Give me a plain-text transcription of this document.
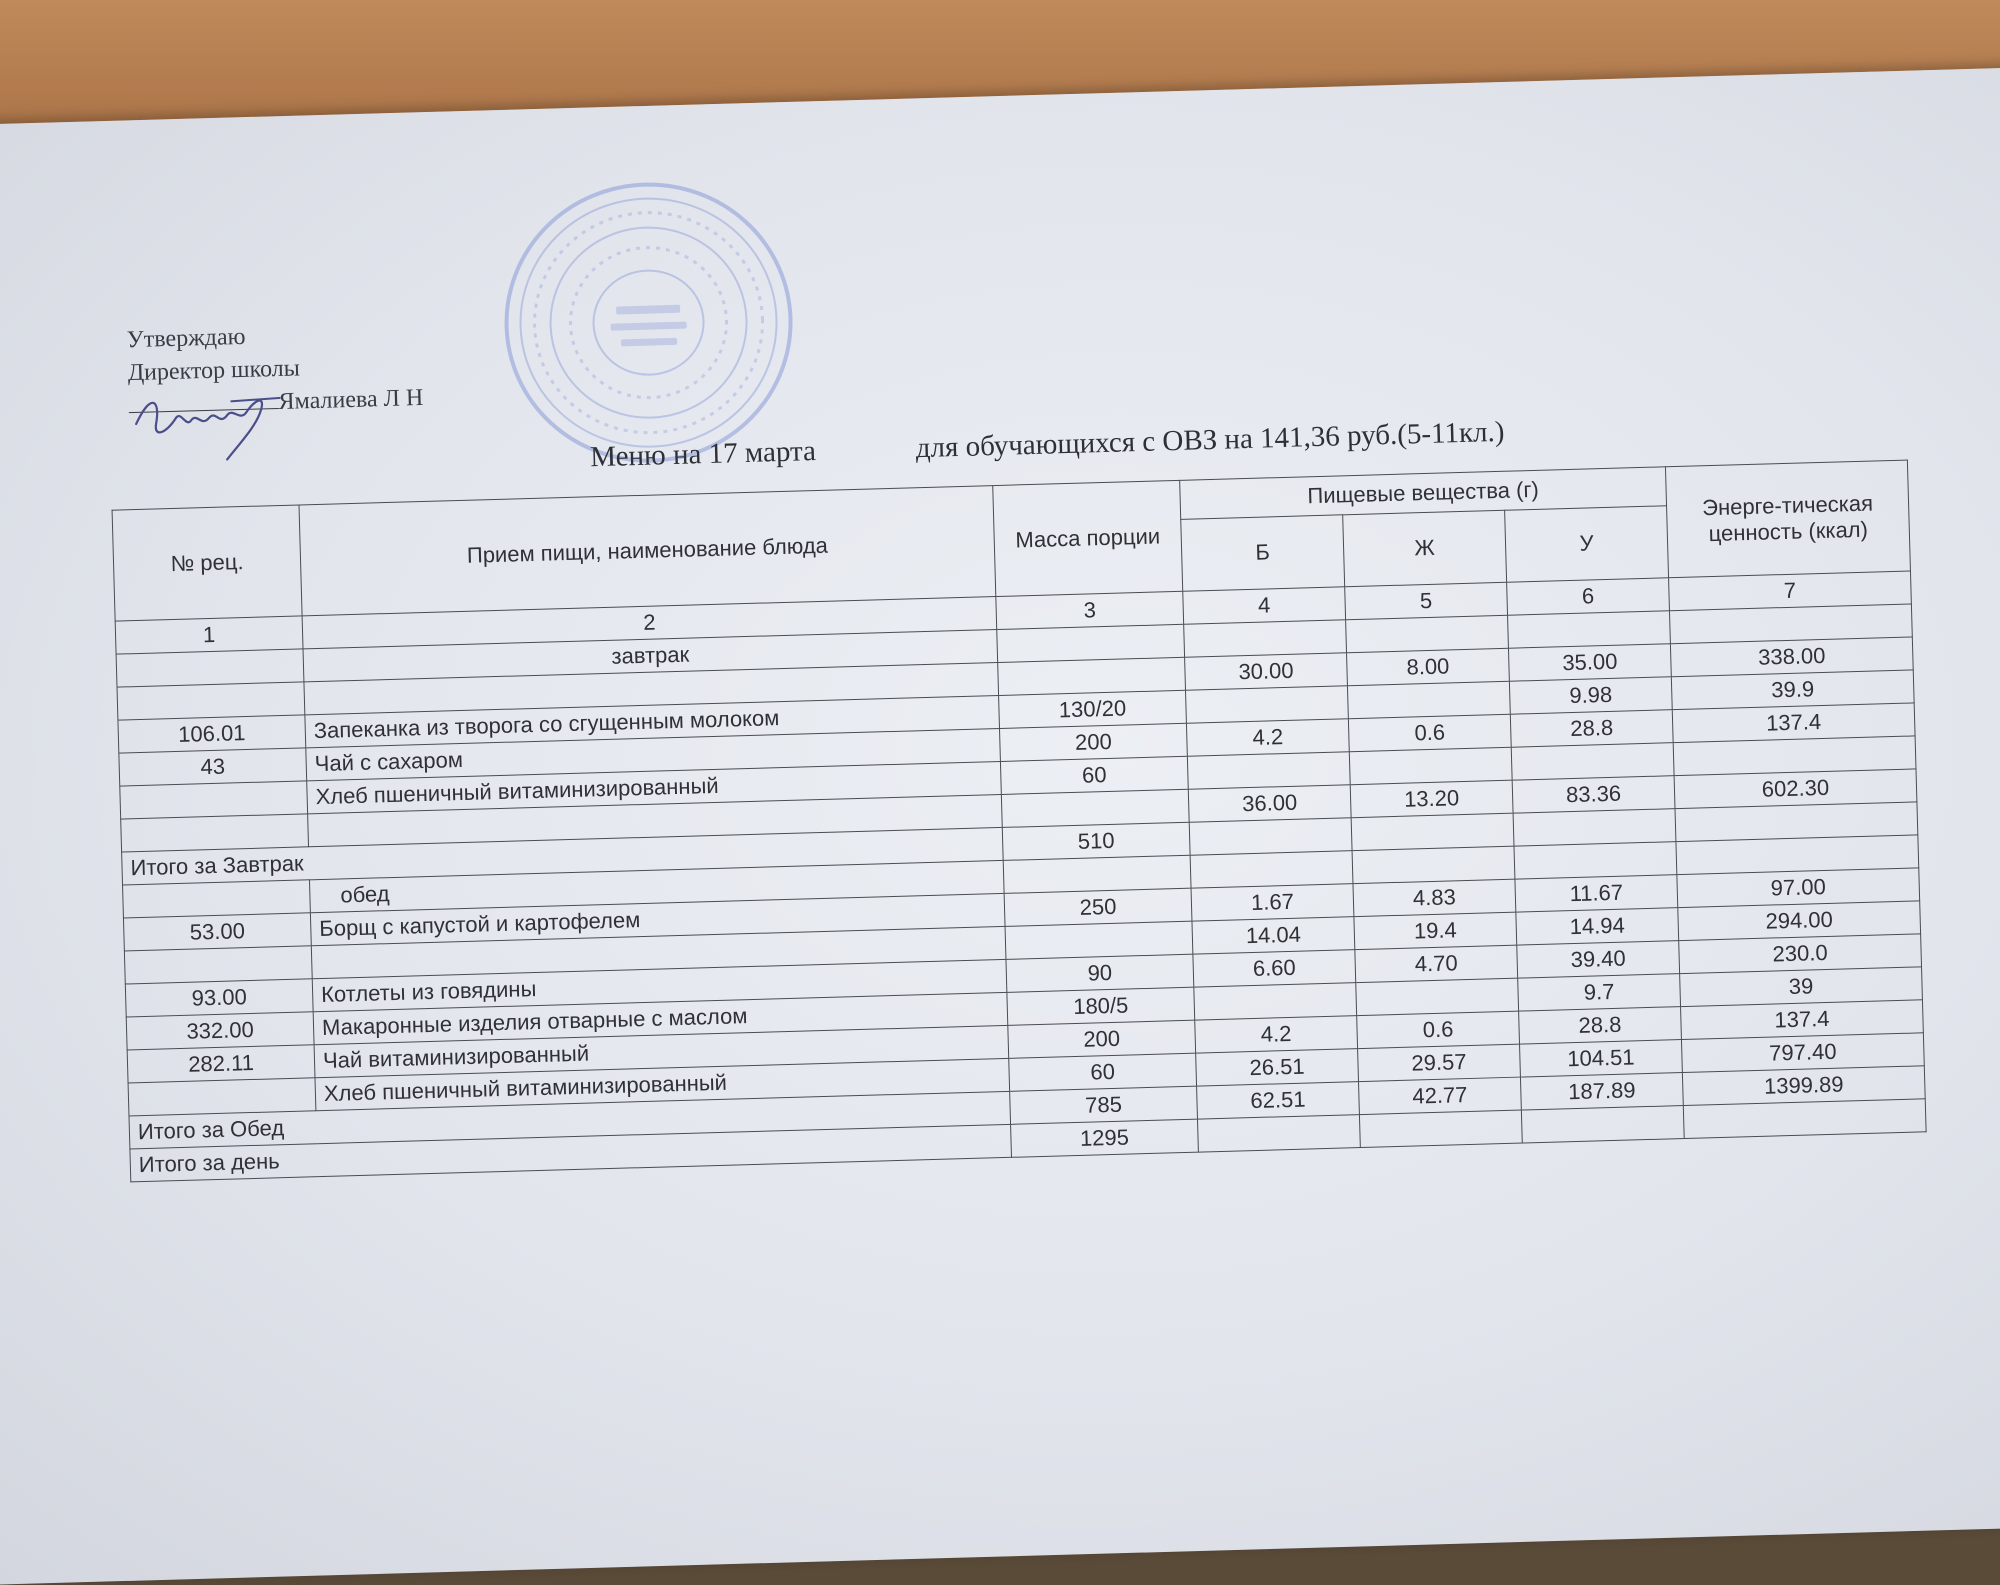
Утверждаю
Директор школы
Ямалиева Л Н
Меню на 17 марта	для обучающихся с ОВЗ на 141,36 руб.(5-11кл.)
№ рец.	Прием пищи, наименование блюда	Масса порции	Пищевые вещества (г)			Энерге-тическая ценность (ккал)
			Б	Ж	У	
1	2	3	4	5	6	7
	завтрак					
			30.00	8.00	35.00	338.00
106.01	Запеканка из творога со сгущенным молоком	130/20			9.98	39.9
43	Чай с сахаром	200	4.2	0.6	28.8	137.4
	Хлеб пшеничный витаминизированный	60				
			36.00	13.20	83.36	602.30
Итого за Завтрак		510				
	обед					
53.00	Борщ с капустой и картофелем	250	1.67	4.83	11.67	97.00
			14.04	19.4	14.94	294.00
93.00	Котлеты из говядины	90	6.60	4.70	39.40	230.0
332.00	Макаронные изделия отварные с маслом	180/5			9.7	39
282.11	Чай витаминизированный	200	4.2	0.6	28.8	137.4
	Хлеб пшеничный витаминизированный	60	26.51	29.57	104.51	797.40
Итого за Обед		785	62.51	42.77	187.89	1399.89
Итого за день		1295				
